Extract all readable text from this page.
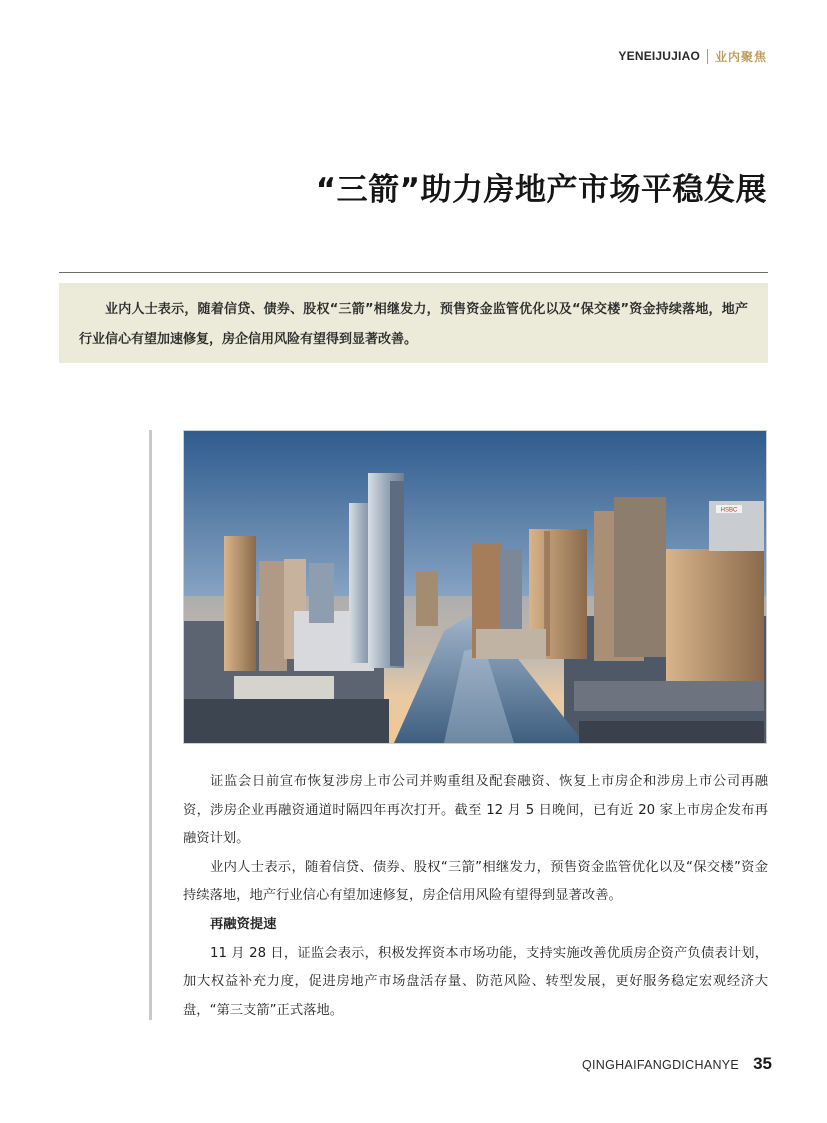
YENEIJUJIAO 业内聚焦
“三箭”助力房地产市场平稳发展

业内人士表示，随着信贷、债券、股权“三箭”相继发力，预售资金监管优化以及“保交楼”资金持续落地，地产行业信心有望加速修复，房企信用风险有望得到显著改善。

HSBC

证监会日前宣布恢复涉房上市公司并购重组及配套融资、恢复上市房企和涉房上市公司再融资，涉房企业再融资通道时隔四年再次打开。截至 12 月 5 日晚间，已有近 20 家上市房企发布再融资计划。

业内人士表示，随着信贷、债券、股权“三箭”相继发力，预售资金监管优化以及“保交楼”资金持续落地，地产行业信心有望加速修复，房企信用风险有望得到显著改善。

再融资提速

11 月 28 日，证监会表示，积极发挥资本市场功能，支持实施改善优质房企资产负债表计划，加大权益补充力度，促进房地产市场盘活存量、防范风险、转型发展，更好服务稳定宏观经济大盘，“第三支箭”正式落地。

QINGHAIFANGDICHANYE 35
